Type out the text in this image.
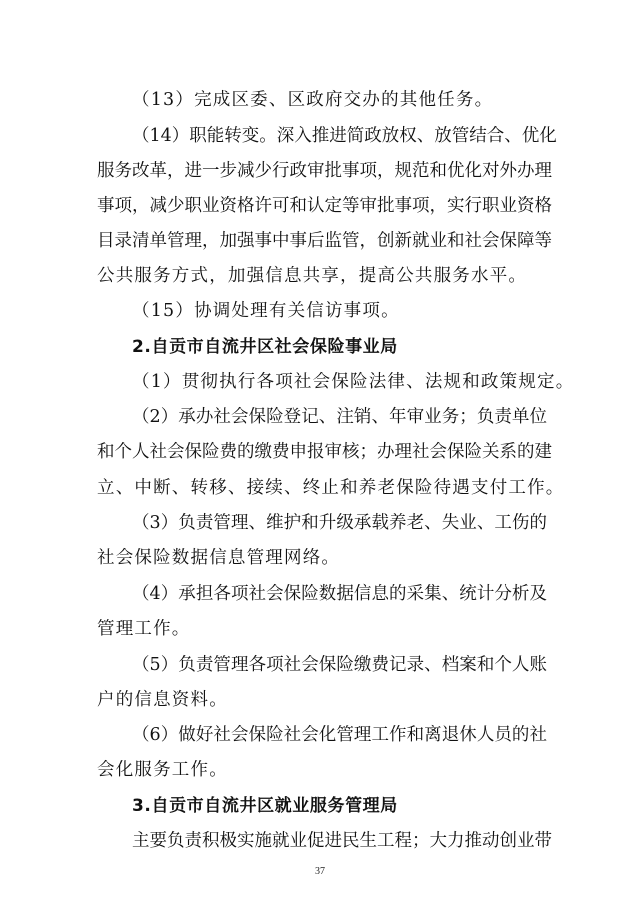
（13）完成区委、区政府交办的其他任务。
（14）职能转变。深入推进简政放权、放管结合、优化
服务改革，进一步减少行政审批事项，规范和优化对外办理
事项，减少职业资格许可和认定等审批事项，实行职业资格
目录清单管理，加强事中事后监管，创新就业和社会保障等
公共服务方式，加强信息共享，提高公共服务水平。
（15）协调处理有关信访事项。
2.自贡市自流井区社会保险事业局
（1）贯彻执行各项社会保险法律、法规和政策规定。
（2）承办社会保险登记、注销、年审业务；负责单位
和个人社会保险费的缴费申报审核；办理社会保险关系的建
立、中断、转移、接续、终止和养老保险待遇支付工作。
（3）负责管理、维护和升级承载养老、失业、工伤的
社会保险数据信息管理网络。
（4）承担各项社会保险数据信息的采集、统计分析及
管理工作。
（5）负责管理各项社会保险缴费记录、档案和个人账
户的信息资料。
（6）做好社会保险社会化管理工作和离退休人员的社
会化服务工作。
3.自贡市自流井区就业服务管理局
主要负责积极实施就业促进民生工程；大力推动创业带
37
